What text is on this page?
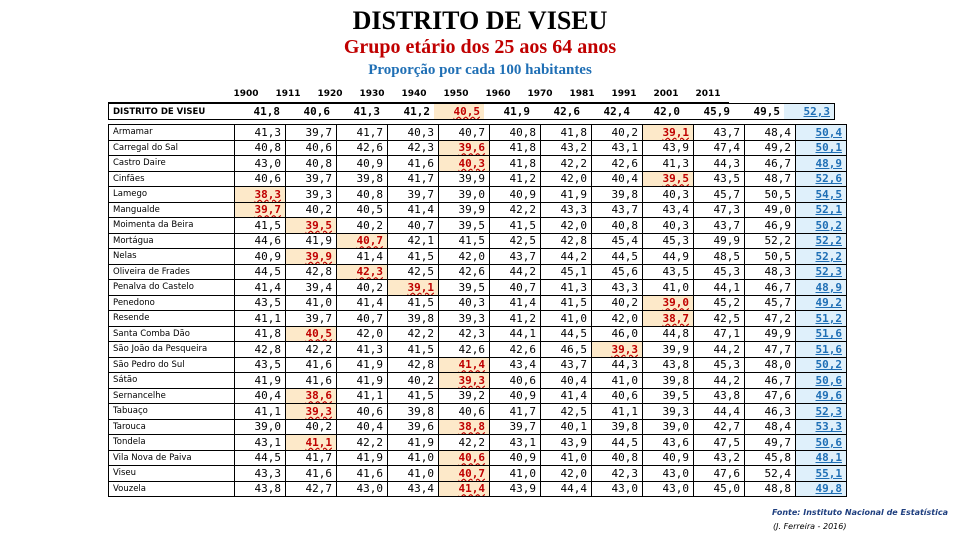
DISTRITO DE VISEU
Grupo etário dos 25 aos 64 anos
Proporção por cada 100 habitantes
	1900	1911	1920	1930	1940	1950	1960	1970	1981	1991	2001	2011
DISTRITO DE VISEU	41,8	40,6	41,3	41,2	40,5	41,9	42,6	42,4	42,0	45,9	49,5	52,3
Armamar	41,3	39,7	41,7	40,3	40,7	40,8	41,8	40,2	39,1	43,7	48,4	50,4
Carregal do Sal	40,8	40,6	42,6	42,3	39,6	41,8	43,2	43,1	43,9	47,4	49,2	50,1
Castro Daire	43,0	40,8	40,9	41,6	40,3	41,8	42,2	42,6	41,3	44,3	46,7	48,9
Cinfães	40,6	39,7	39,8	41,7	39,9	41,2	42,0	40,4	39,5	43,5	48,7	52,6
Lamego	38,3	39,3	40,8	39,7	39,0	40,9	41,9	39,8	40,3	45,7	50,5	54,5
Mangualde	39,7	40,2	40,5	41,4	39,9	42,2	43,3	43,7	43,4	47,3	49,0	52,1
Moimenta da Beira	41,5	39,5	40,2	40,7	39,5	41,5	42,0	40,8	40,3	43,7	46,9	50,2
Mortágua	44,6	41,9	40,7	42,1	41,5	42,5	42,8	45,4	45,3	49,9	52,2	52,2
Nelas	40,9	39,9	41,4	41,5	42,0	43,7	44,2	44,5	44,9	48,5	50,5	52,2
Oliveira de Frades	44,5	42,8	42,3	42,5	42,6	44,2	45,1	45,6	43,5	45,3	48,3	52,3
Penalva do Castelo	41,4	39,4	40,2	39,1	39,5	40,7	41,3	43,3	41,0	44,1	46,7	48,9
Penedono	43,5	41,0	41,4	41,5	40,3	41,4	41,5	40,2	39,0	45,2	45,7	49,2
Resende	41,1	39,7	40,7	39,8	39,3	41,2	41,0	42,0	38,7	42,5	47,2	51,2
Santa Comba Dão	41,8	40,5	42,0	42,2	42,3	44,1	44,5	46,0	44,8	47,1	49,9	51,6
São João da Pesqueira	42,8	42,2	41,3	41,5	42,6	42,6	46,5	39,3	39,9	44,2	47,7	51,6
São Pedro do Sul	43,5	41,6	41,9	42,8	41,4	43,4	43,7	44,3	43,8	45,3	48,0	50,2
Sátão	41,9	41,6	41,9	40,2	39,3	40,6	40,4	41,0	39,8	44,2	46,7	50,6
Sernancelhe	40,4	38,6	41,1	41,5	39,2	40,9	41,4	40,6	39,5	43,8	47,6	49,6
Tabuaço	41,1	39,3	40,6	39,8	40,6	41,7	42,5	41,1	39,3	44,4	46,3	52,3
Tarouca	39,0	40,2	40,4	39,6	38,8	39,7	40,1	39,8	39,0	42,7	48,4	53,3
Tondela	43,1	41,1	42,2	41,9	42,2	43,1	43,9	44,5	43,6	47,5	49,7	50,6
Vila Nova de Paiva	44,5	41,7	41,9	41,0	40,6	40,9	41,0	40,8	40,9	43,2	45,8	48,1
Viseu	43,3	41,6	41,6	41,0	40,7	41,0	42,0	42,3	43,0	47,6	52,4	55,1
Vouzela	43,8	42,7	43,0	43,4	41,4	43,9	44,4	43,0	43,0	45,0	48,8	49,8
Fonte: Instituto Nacional de Estatística
(J. Ferreira - 2016)
